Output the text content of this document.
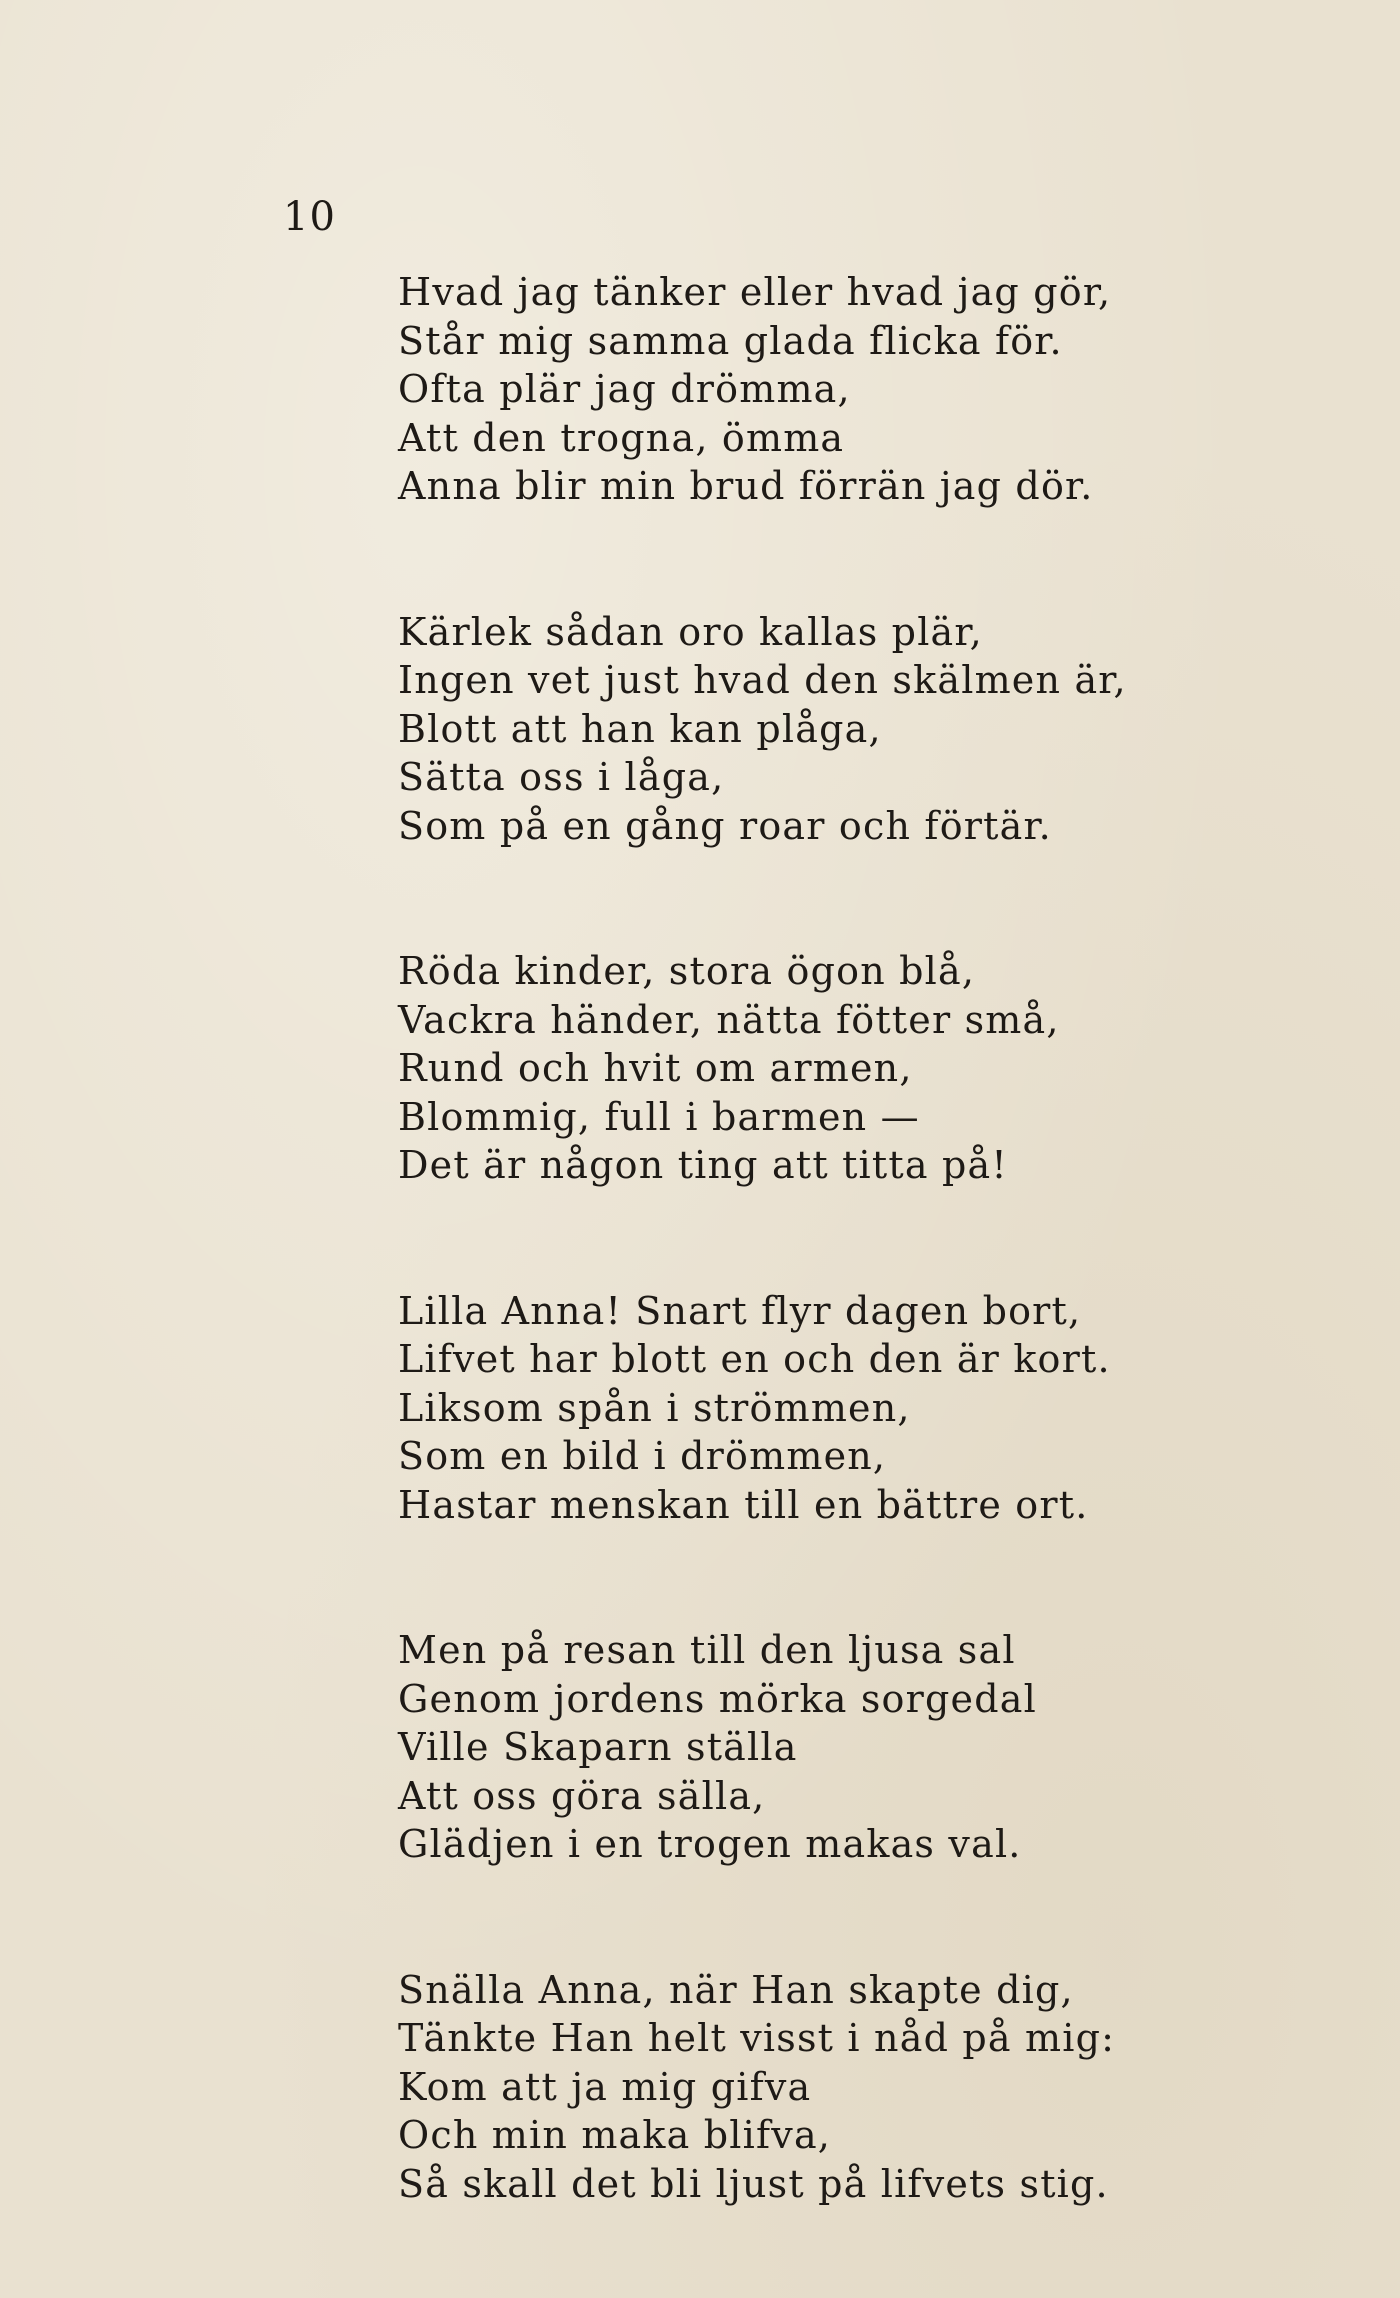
10
Hvad jag tänker eller hvad jag gör,
Står mig samma glada flicka för.
Ofta plär jag drömma,
Att den trogna, ömma
Anna blir min brud förrän jag dör.
Kärlek sådan oro kallas plär,
Ingen vet just hvad den skälmen är,
Blott att han kan plåga,
Sätta oss i låga,
Som på en gång roar och förtär.
Röda kinder, stora ögon blå,
Vackra händer, nätta fötter små,
Rund och hvit om armen,
Blommig, full i barmen —
Det är någon ting att titta på!
Lilla Anna! Snart flyr dagen bort,
Lifvet har blott en och den är kort.
Liksom spån i strömmen,
Som en bild i drömmen,
Hastar menskan till en bättre ort.
Men på resan till den ljusa sal
Genom jordens mörka sorgedal
Ville Skaparn ställa
Att oss göra sälla,
Glädjen i en trogen makas val.
Snälla Anna, när Han skapte dig,
Tänkte Han helt visst i nåd på mig:
Kom att ja mig gifva
Och min maka blifva,
Så skall det bli ljust på lifvets stig.
